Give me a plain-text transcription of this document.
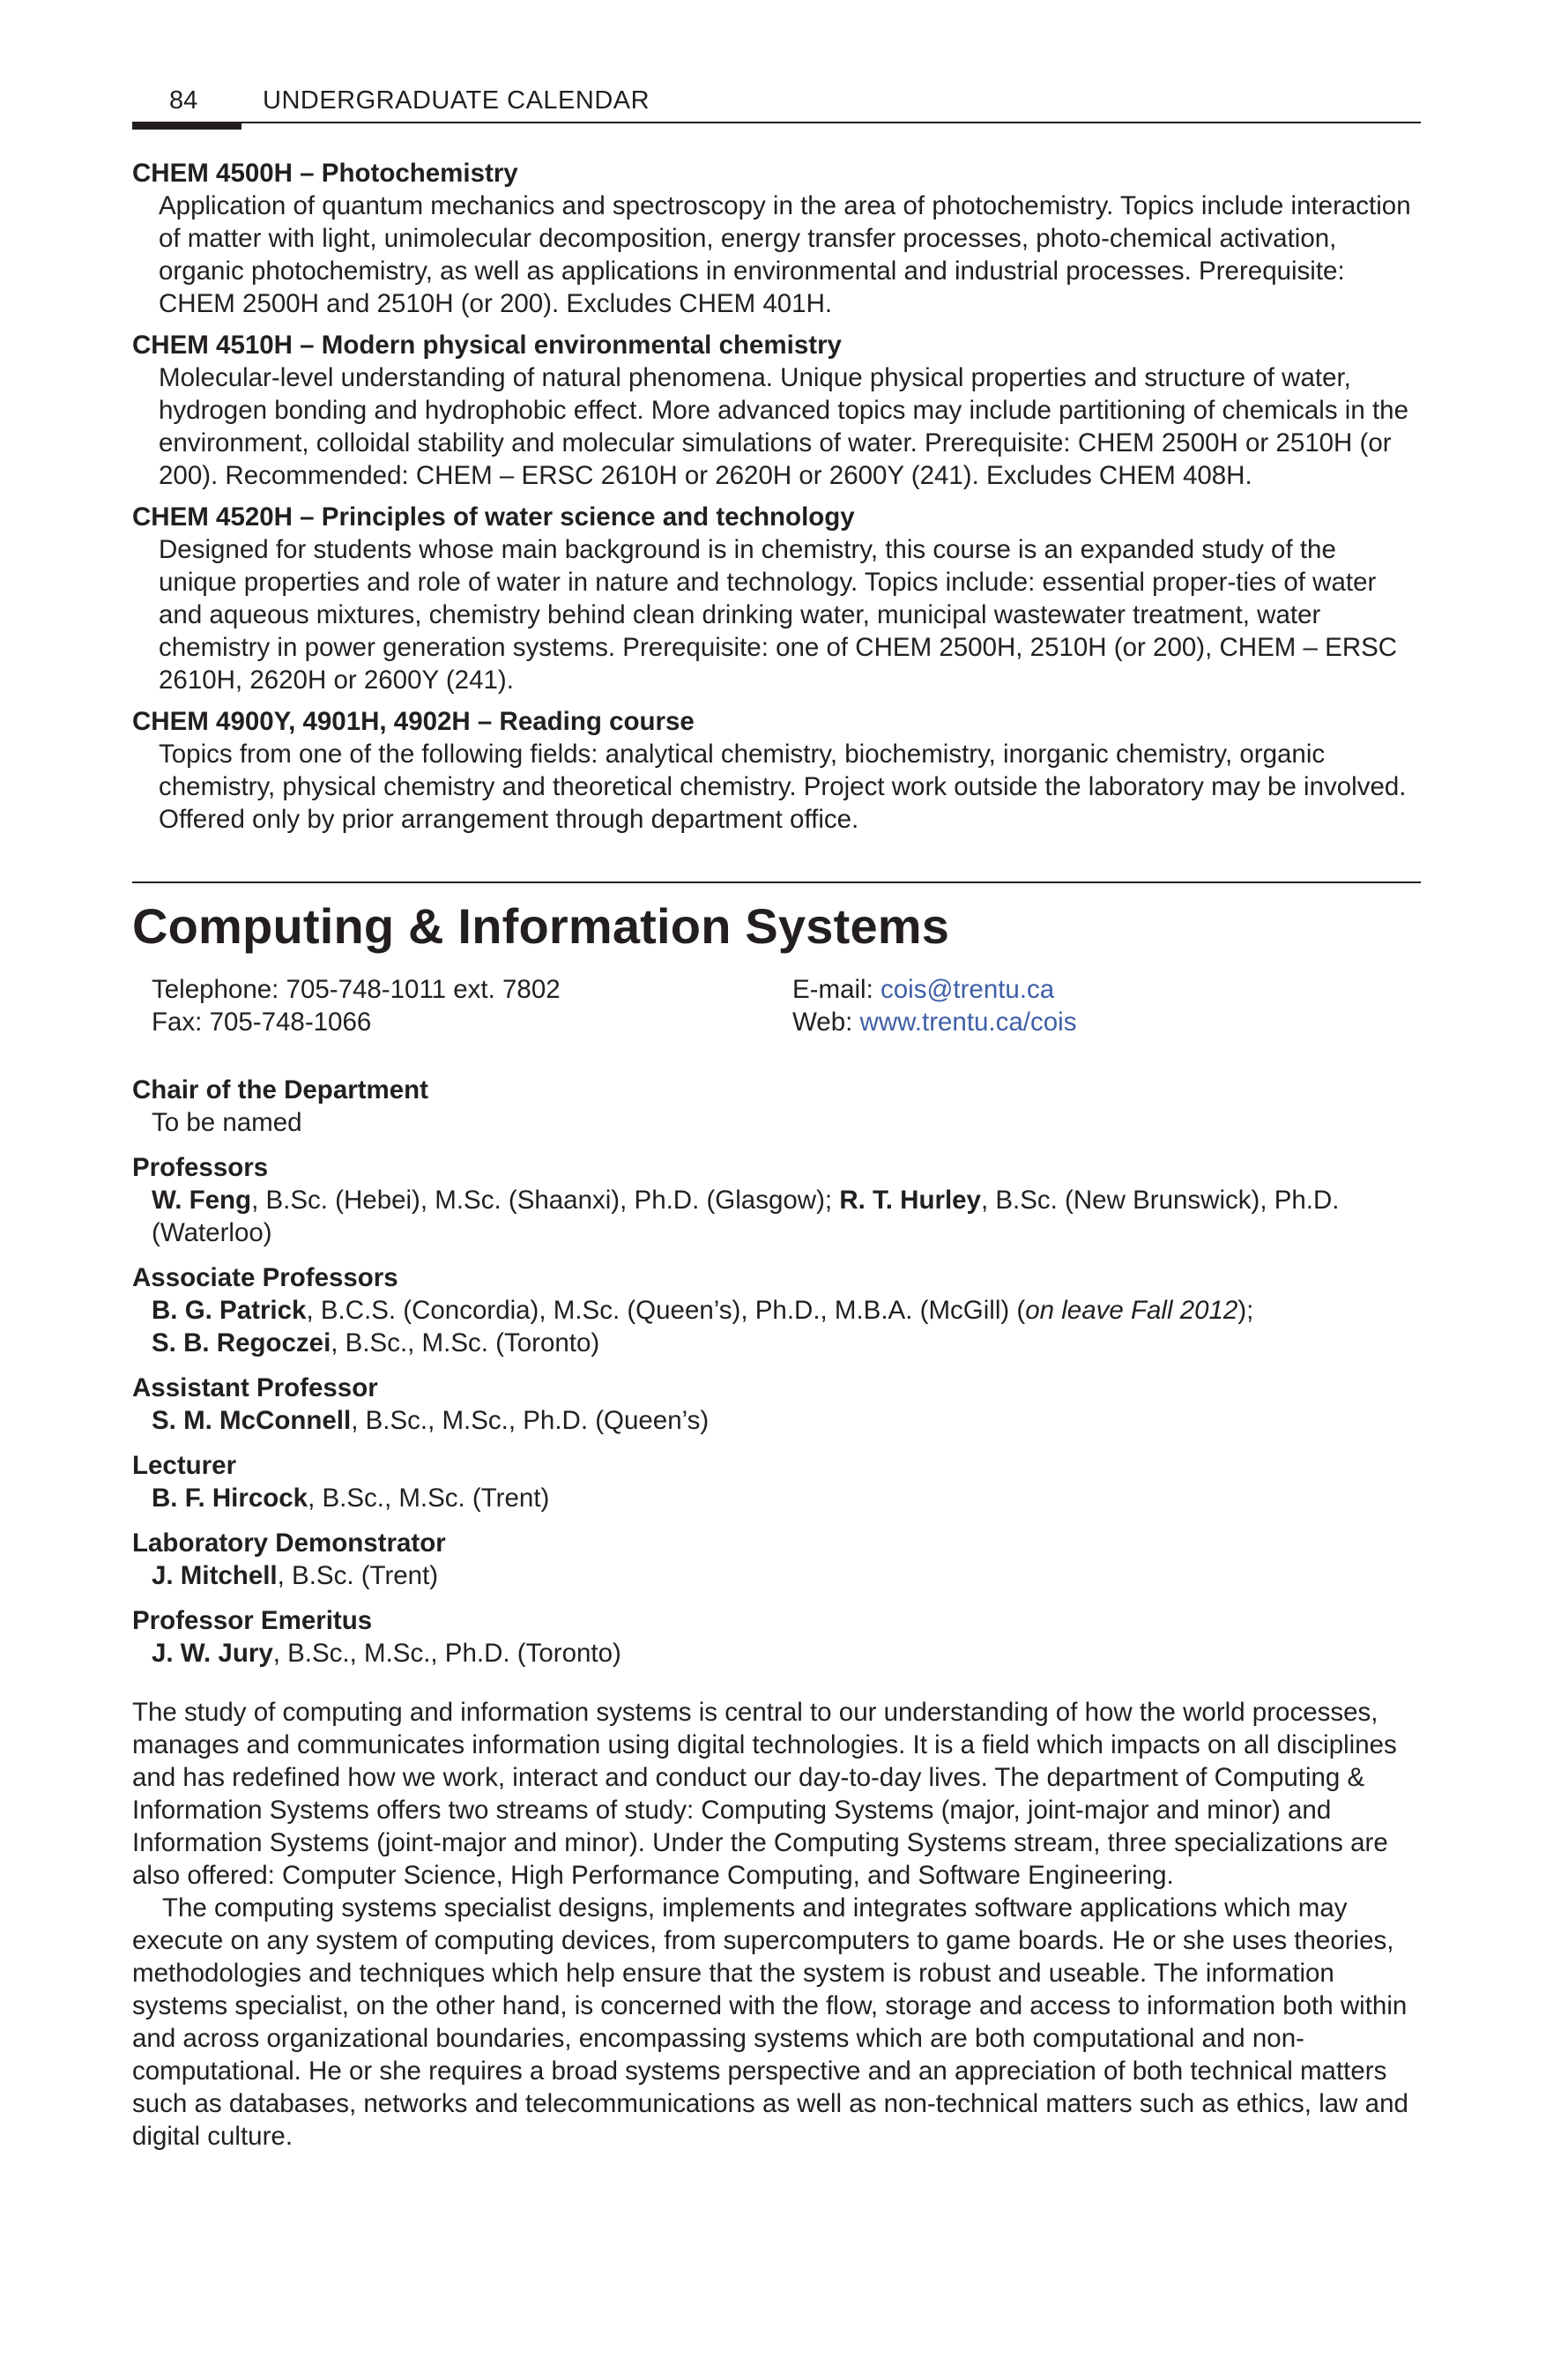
84	UNDERGRADUATE CALENDAR

CHEM 4500H – Photochemistry

Application of quantum mechanics and spectroscopy in the area of photochemistry. Topics include interaction of matter with light, unimolecular decomposition, energy transfer processes, photo-chemical activation, organic photochemistry, as well as applications in environmental and industrial processes. Prerequisite: CHEM 2500H and 2510H (or 200). Excludes CHEM 401H.

CHEM 4510H – Modern physical environmental chemistry

Molecular-level understanding of natural phenomena. Unique physical properties and structure of water, hydrogen bonding and hydrophobic effect. More advanced topics may include partitioning of chemicals in the environment, colloidal stability and molecular simulations of water. Prerequisite: CHEM 2500H or 2510H (or 200). Recommended: CHEM – ERSC 2610H or 2620H or 2600Y (241). Excludes CHEM 408H.

CHEM 4520H – Principles of water science and technology

Designed for students whose main background is in chemistry, this course is an expanded study of the unique properties and role of water in nature and technology. Topics include: essential proper-ties of water and aqueous mixtures, chemistry behind clean drinking water, municipal wastewater treatment, water chemistry in power generation systems. Prerequisite: one of CHEM 2500H, 2510H (or 200), CHEM – ERSC 2610H, 2620H or 2600Y (241).

CHEM 4900Y, 4901H, 4902H – Reading course

Topics from one of the following fields: analytical chemistry, biochemistry, inorganic chemistry, organic chemistry, physical chemistry and theoretical chemistry. Project work outside the laboratory may be involved. Offered only by prior arrangement through department office.

Computing & Information Systems
Telephone: 705-748-1011 ext. 7802
Fax: 705-748-1066
E-mail: cois@trentu.ca
Web: www.trentu.ca/cois

Chair of the Department

To be named

Professors

W. Feng, B.Sc. (Hebei), M.Sc. (Shaanxi), Ph.D. (Glasgow); R. T. Hurley, B.Sc. (New Brunswick), Ph.D. (Waterloo)

Associate Professors

B. G. Patrick, B.C.S. (Concordia), M.Sc. (Queen’s), Ph.D., M.B.A. (McGill) (on leave Fall 2012);
S. B. Regoczei, B.Sc., M.Sc. (Toronto)

Assistant Professor

S. M. McConnell, B.Sc., M.Sc., Ph.D. (Queen’s)

Lecturer

B. F. Hircock, B.Sc., M.Sc. (Trent)

Laboratory Demonstrator

J. Mitchell, B.Sc. (Trent)

Professor Emeritus

J. W. Jury, B.Sc., M.Sc., Ph.D. (Toronto)

The study of computing and information systems is central to our understanding of how the world processes, manages and communicates information using digital technologies. It is a field which impacts on all disciplines and has redefined how we work, interact and conduct our day-to-day lives. The department of Computing & Information Systems offers two streams of study: Computing Systems (major, joint-major and minor) and Information Systems (joint-major and minor). Under the Computing Systems stream, three specializations are also offered: Computer Science, High Performance Computing, and Software Engineering.

The computing systems specialist designs, implements and integrates software applications which may execute on any system of computing devices, from supercomputers to game boards. He or she uses theories, methodologies and techniques which help ensure that the system is robust and useable. The information systems specialist, on the other hand, is concerned with the flow, storage and access to information both within and across organizational boundaries, encompassing systems which are both computational and non-computational. He or she requires a broad systems perspective and an appreciation of both technical matters such as databases, networks and telecommunications as well as non-technical matters such as ethics, law and digital culture.
